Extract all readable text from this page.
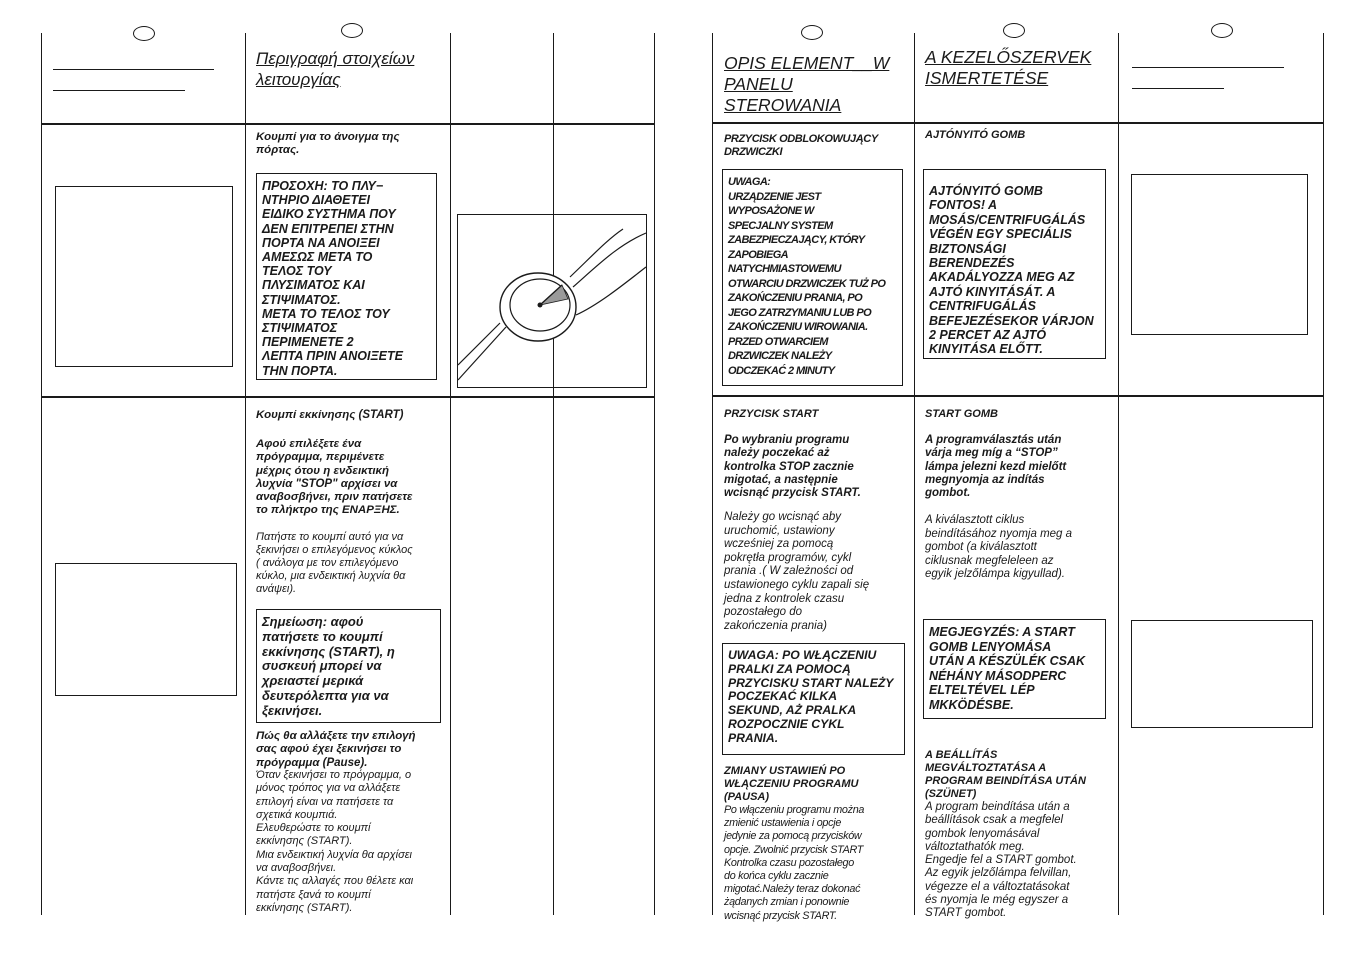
Περιγραφή στοιχείων λειτουργίας
Κουμπί για το άνοιγμα της πόρτας.
ΠΡΟΣΟΧΗ: ΤΟ ΠΛΥ−
ΝΤΗΡΙΟ ΔΙΑΘΕΤΕΙ
ΕΙΔΙΚΟ ΣΥΣΤΗΜΑ ΠΟΥ
ΔΕΝ ΕΠΙΤΡΕΠΕΙ ΣΤΗΝ
ΠΟΡΤΑ ΝΑ ΑΝΟΙΞΕΙ
ΑΜΕΣΩΣ ΜΕΤΑ ΤΟ
ΤΕΛΟΣ ΤΟΥ
ΠΛΥΣΙΜΑΤΟΣ ΚΑΙ
ΣΤΙΨΙΜΑΤΟΣ.
ΜΕΤΑ ΤΟ ΤΕΛΟΣ ΤΟΥ
ΣΤΙΨΙΜΑΤΟΣ
ΠΕΡΙΜΕΝΕΤΕ 2
ΛΕΠΤΑ ΠΡΙΝ ΑΝΟΙΞΕΤΕ
ΤΗΝ ΠΟΡΤΑ.
Κουμπί εκκίνησης (START)
Αφού επιλέξετε ένα
πρόγραμμα, περιμένετε
μέχρις ότου η ενδεικτική
λυχνία "STOP" αρχίσει να
αναβοσβήνει, πριν πατήσετε
το πλήκτρο της ΕΝΑΡΞΗΣ.
Πατήστε το κουμπί αυτό για να
ξεκινήσει ο επιλεγόμενος κύκλος
( ανάλογα με τον επιλεγόμενο
κύκλο, μια ενδεικτική λυχνία θα
ανάψει).
Σημείωση: αφού
πατήσετε το κουμπί
εκκίνησης (START), η
συσκευή μπορεί να
χρειαστεί μερικά
δευτερόλεπτα για να
ξεκινήσει.
Πώς θα αλλάξετε την επιλογή
σας αφού έχει ξεκινήσει το
πρόγραμμα (Pause).
Όταν ξεκινήσει το πρόγραμμα, ο
μόνος τρόπος για να αλλάξετε
επιλογή είναι να πατήσετε τα
σχετικά κουμπιά.
Ελευθερώστε το κουμπί
εκκίνησης (START).
Μια ενδεικτική λυχνία θα αρχίσει
να αναβοσβήνει.
Κάντε τις αλλαγές που θέλετε και
πατήστε ξανά το κουμπί
εκκίνησης (START).
OPIS ELEMENT__W
PANELU
STEROWANIA
A KEZELŐSZERVEK
ISMERTETÉSE
PRZYCISK ODBLOKOWUJĄCY
DRZWICZKI
UWAGA:
URZĄDZENIE JEST
WYPOSAŻONE W
SPECJALNY SYSTEM
ZABEZPIECZAJĄCY, KTÓRY
ZAPOBIEGA
NATYCHMIASTOWEMU
OTWARCIU DRZWICZEK TUŻ PO
ZAKOŃCZENIU PRANIA, PO
JEGO ZATRZYMANIU LUB PO
ZAKOŃCZENIU WIROWANIA.
PRZED OTWARCIEM
DRZWICZEK NALEŻY
ODCZEKAĆ 2 MINUTY
PRZYCISK START
Po wybraniu programu
należy poczekać aż
kontrolka STOP zacznie
migotać, a następnie
wcisnąć przycisk START.
Należy go wcisnąć aby
uruchomić, ustawiony
wcześniej za pomocą
pokrętła programów, cykl
prania .( W zależności od
ustawionego cyklu zapali się
jedna z kontrolek czasu
pozostałego do
zakończenia prania)
UWAGA: PO WŁĄCZENIU
PRALKI ZA POMOCĄ
PRZYCISKU START NALEŻY
POCZEKAĆ KILKA
SEKUND, AŻ PRALKA
ROZPOCZNIE CYKL
PRANIA.
ZMIANY USTAWIEŃ PO
WŁĄCZENIU PROGRAMU
(PAUSA)
Po włączeniu programu można
zmienić ustawienia i opcje
jedynie za pomocą przycisków
opcje. Zwolnić przycisk START
Kontrolka czasu pozostałego
do końca cyklu zacznie
migotać.Należy teraz dokonać
żądanych zmian i ponownie
wcisnąć przycisk START.
AJTÓNYITÓ GOMB
AJTÓNYITÓ GOMB
FONTOS! A
MOSÁS/CENTRIFUGÁLÁS
VÉGÉN EGY SPECIÁLIS
BIZTONSÁGI
BERENDEZÉS
AKADÁLYOZZA MEG AZ
AJTÓ KINYITÁSÁT. A
CENTRIFUGÁLÁS
BEFEJEZÉSEKOR VÁRJON
2 PERCET AZ AJTÓ
KINYITÁSA ELŐTT.
START GOMB
A programválasztás után
várja meg míg a “STOP”
lámpa jelezni kezd mielőtt
megnyomja az indítás
gombot.
A kiválasztott ciklus
beindításához nyomja meg a
gombot (a kiválasztott
ciklusnak megfeleleen az
egyik jelzőlámpa kigyullad).
MEGJEGYZÉS: A START
GOMB LENYOMÁSA
UTÁN A KÉSZÜLÉK CSAK
NÉHÁNY MÁSODPERC
ELTELTÉVEL LÉP
MKKÖDÉSBE.
A BEÁLLÍTÁS
MEGVÁLTOZTATÁSA A
PROGRAM BEINDÍTÁSA UTÁN
(SZÜNET)
A program beindítása után a
beállítások csak a megfelel
gombok lenyomásával
változtathatók meg.
Engedje fel a START gombot.
Az egyik jelzőlámpa felvillan,
végezze el a változtatásokat
és nyomja le még egyszer a
START gombot.
